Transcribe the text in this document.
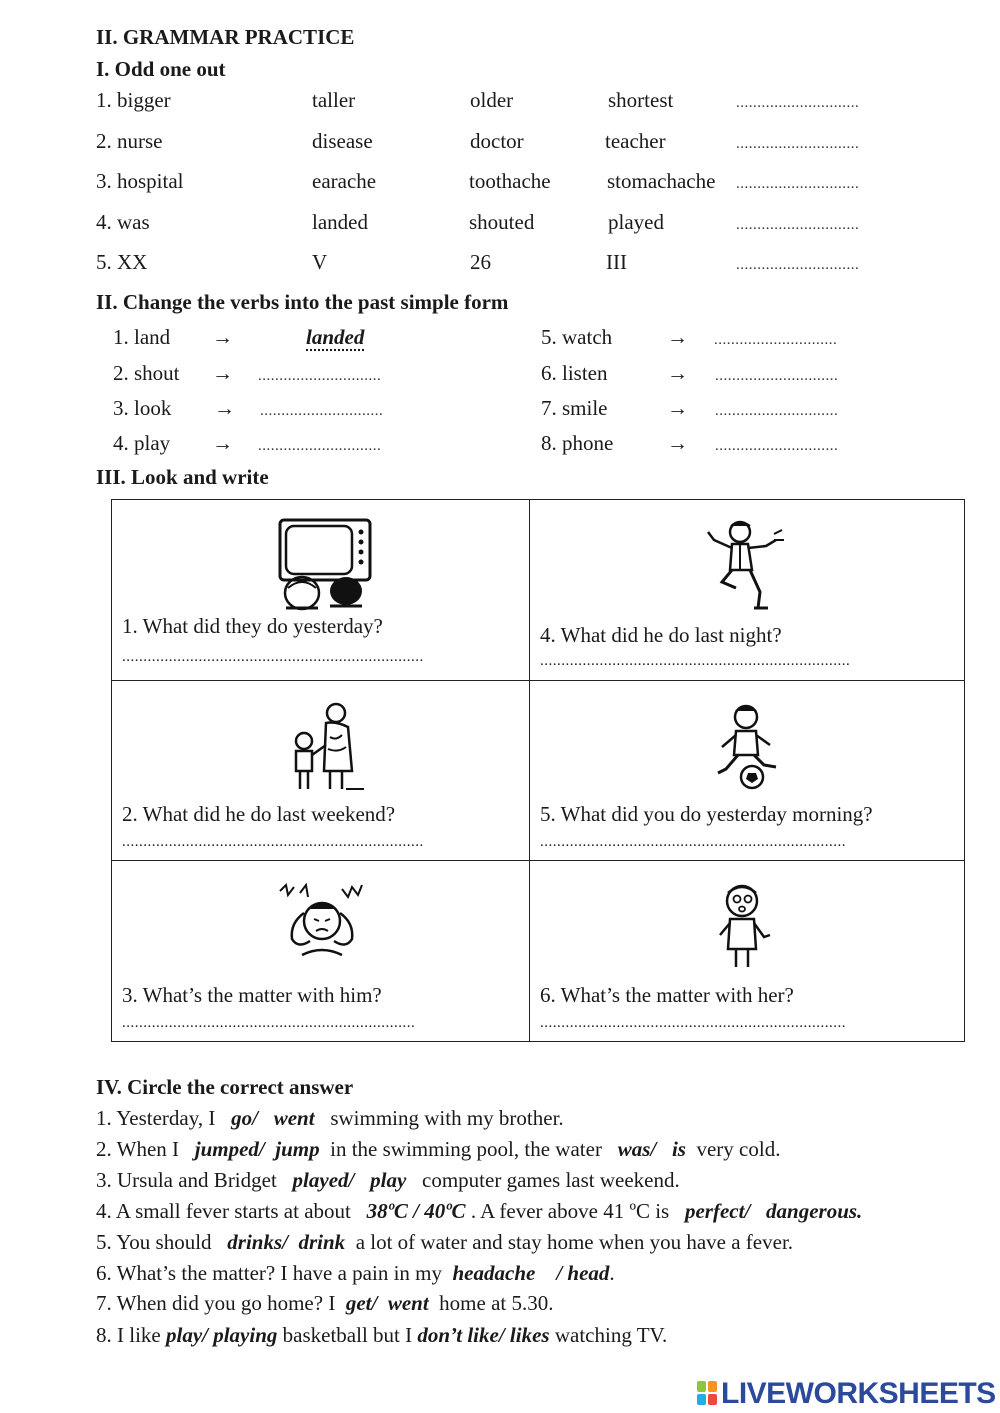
II. GRAMMAR PRACTICE
I. Odd one out
1. bigger	taller	older	shortest	.............................
2. nurse	disease	doctor	teacher	.............................
3. hospital	earache	toothache	stomachache .............................
4. was	landed	shouted	played	.............................
5. XX	V	26	III	.............................
II. Change the verbs into the past simple form
1. land →	landed
2. shout → .............................
3. look → .............................
4. play → .............................
5. watch	→ .............................
6. listen	→ .............................
7. smile	→ .............................
8. phone	→ .............................
III. Look and write
1. What did they do yesterday?
.......................................................................
4. What did he do last night?
.........................................................................
2. What did he do last weekend?
.......................................................................
5. What did you do yesterday morning?
........................................................................
3. What’s the matter with him?
.....................................................................
6. What’s the matter with her?
........................................................................
IV. Circle the correct answer
1. Yesterday, I go/ went swimming with my brother.
2. When I jumped/ jump in the swimming pool, the water was/ is very cold.
3. Ursula and Bridget played/ play computer games last weekend.
4. A small fever starts at about 38ºC / 40ºC . A fever above 41 ºC is perfect/ dangerous.
5. You should drinks/ drink a lot of water and stay home when you have a fever.
6. What’s the matter? I have a pain in my headache / head.
7. When did you go home? I get/ went home at 5.30.
8. I like play/ playing basketball but I don’t like/ likes watching TV.
LIVEWORKSHEETS
